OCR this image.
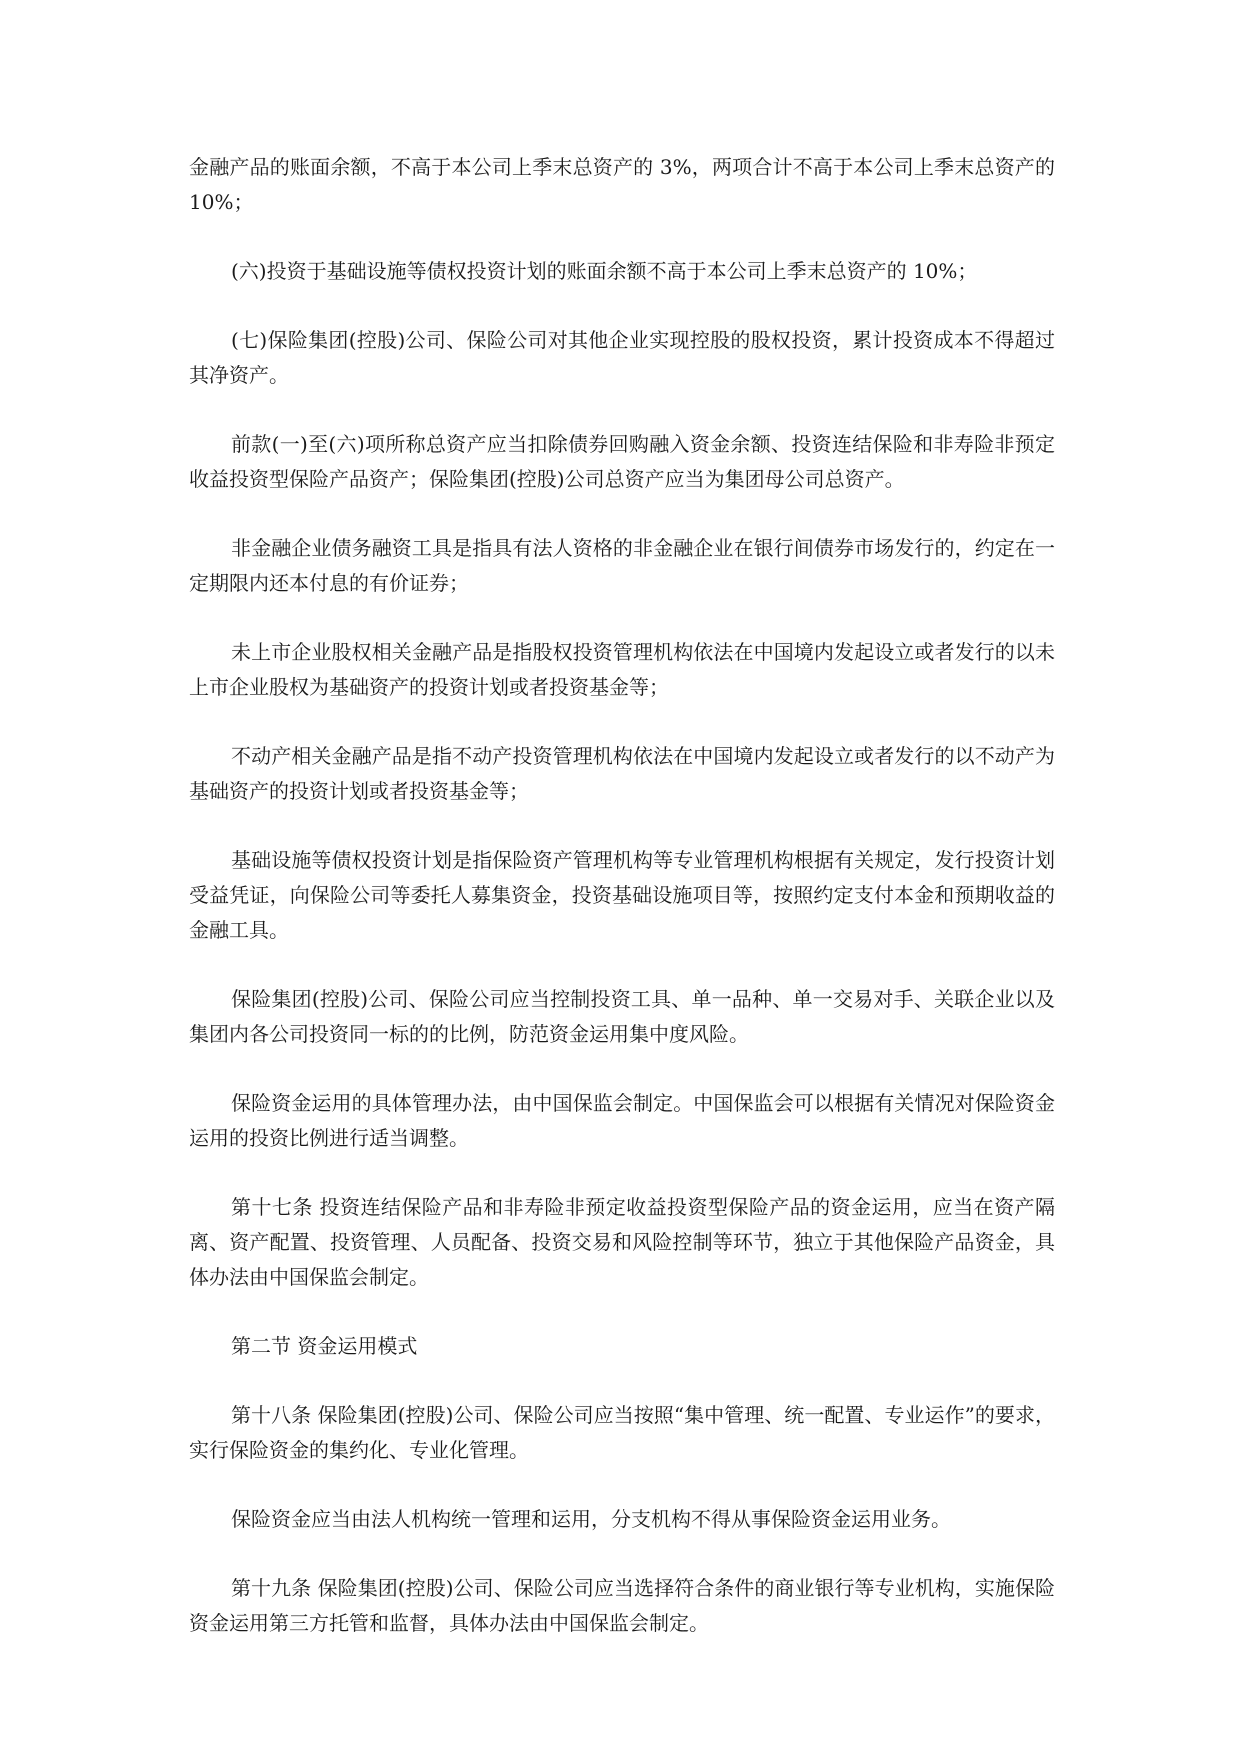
金融产品的账面余额，不高于本公司上季末总资产的 3%，两项合计不高于本公司上季末总资产的 10%；

(六)投资于基础设施等债权投资计划的账面余额不高于本公司上季末总资产的 10%；

(七)保险集团(控股)公司、保险公司对其他企业实现控股的股权投资，累计投资成本不得超过其净资产。

前款(一)至(六)项所称总资产应当扣除债券回购融入资金余额、投资连结保险和非寿险非预定收益投资型保险产品资产；保险集团(控股)公司总资产应当为集团母公司总资产。

非金融企业债务融资工具是指具有法人资格的非金融企业在银行间债券市场发行的，约定在一定期限内还本付息的有价证券；

未上市企业股权相关金融产品是指股权投资管理机构依法在中国境内发起设立或者发行的以未上市企业股权为基础资产的投资计划或者投资基金等；

不动产相关金融产品是指不动产投资管理机构依法在中国境内发起设立或者发行的以不动产为基础资产的投资计划或者投资基金等；

基础设施等债权投资计划是指保险资产管理机构等专业管理机构根据有关规定，发行投资计划受益凭证，向保险公司等委托人募集资金，投资基础设施项目等，按照约定支付本金和预期收益的金融工具。

保险集团(控股)公司、保险公司应当控制投资工具、单一品种、单一交易对手、关联企业以及集团内各公司投资同一标的的比例，防范资金运用集中度风险。

保险资金运用的具体管理办法，由中国保监会制定。中国保监会可以根据有关情况对保险资金运用的投资比例进行适当调整。

第十七条 投资连结保险产品和非寿险非预定收益投资型保险产品的资金运用，应当在资产隔离、资产配置、投资管理、人员配备、投资交易和风险控制等环节，独立于其他保险产品资金，具体办法由中国保监会制定。

第二节 资金运用模式

第十八条 保险集团(控股)公司、保险公司应当按照“集中管理、统一配置、专业运作”的要求，实行保险资金的集约化、专业化管理。

保险资金应当由法人机构统一管理和运用，分支机构不得从事保险资金运用业务。

第十九条 保险集团(控股)公司、保险公司应当选择符合条件的商业银行等专业机构，实施保险资金运用第三方托管和监督，具体办法由中国保监会制定。
